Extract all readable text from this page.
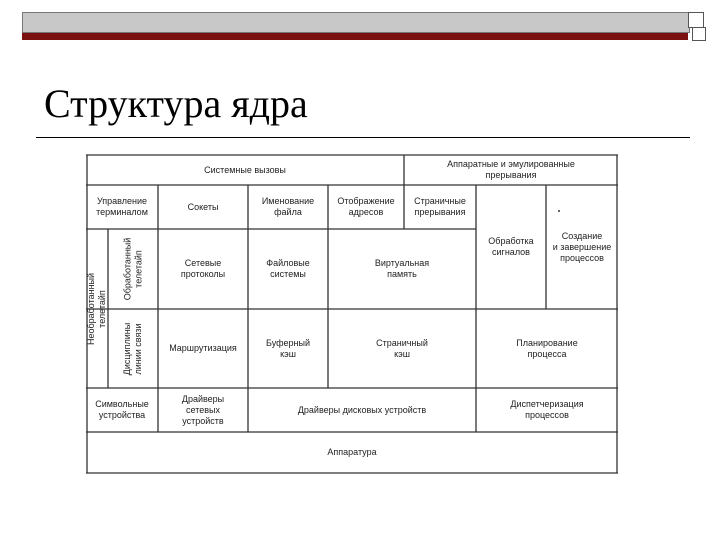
Структура ядра
Системные вызовы
Аппаратные и эмулированные
прерывания
Управление
терминалом
Сокеты
Именование
файла
Отображение
адресов
Страничные
прерывания
Необработанный
телетайп
Обработанный
телетайп
Дисциплины
линии связи
Сетевые
протоколы
Файловые
системы
Виртуальная
память
Обработка
сигналов
Создание
и завершение
процессов
Маршрутизация
Буферный
кэш
Страничный
кэш
Планирование
процесса
Символьные
устройства
Драйверы
сетевых
устройств
Драйверы дисковых устройств
Диспетчеризация
процессов
Аппаратура
